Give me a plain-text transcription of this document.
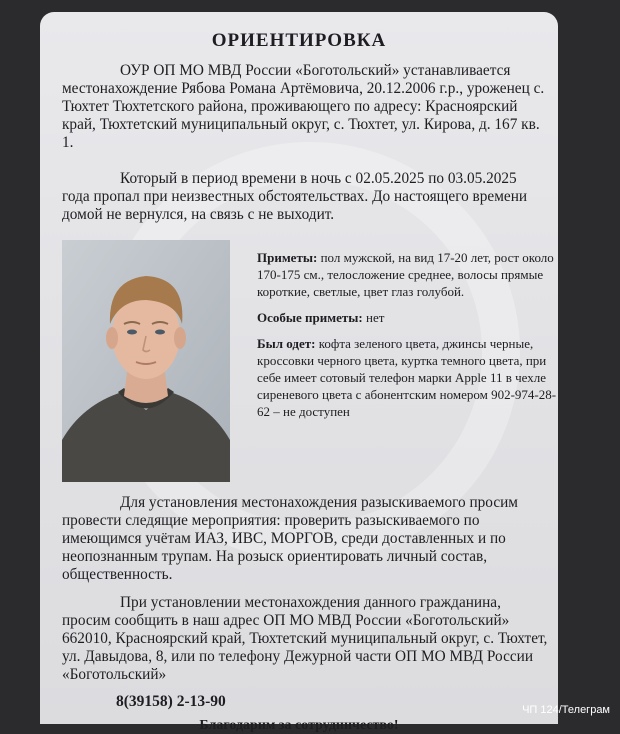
ОРИЕНТИРОВКА

ОУР ОП МО МВД России «Боготольский» устанавливается местонахождение Рябова Романа Артёмовича, 20.12.2006 г.р., уроженец с. Тюхтет Тюхтетского района, проживающего по адресу: Красноярский край, Тюхтетский муниципальный округ, с. Тюхтет, ул. Кирова, д. 167 кв. 1.

Который в период времени в ночь с 02.05.2025 по 03.05.2025 года пропал при неизвестных обстоятельствах. До настоящего времени домой не вернулся, на связь с не выходит.

Приметы: пол мужской, на вид 17-20 лет, рост около 170-175 см., телосложение среднее, волосы прямые короткие, светлые, цвет глаз голубой.

Особые приметы: нет

Был одет: кофта зеленого цвета, джинсы черные, кроссовки черного цвета, куртка темного цвета, при себе имеет сотовый телефон марки Apple 11 в чехле сиреневого цвета с абонентским номером 902-974-28-62 – не доступен

Для установления местонахождения разыскиваемого просим провести следящие мероприятия: проверить разыскиваемого по имеющимся учётам ИАЗ, ИВС, МОРГОВ, среди доставленных и по неопознанным трупам. На розыск ориентировать личный состав, общественность.

При установлении местонахождения данного гражданина, просим сообщить в наш адрес ОП МО МВД России «Боготольский» 662010, Красноярский край, Тюхтетский муниципальный округ, с. Тюхтет, ул. Давыдова, 8, или по телефону Дежурной части ОП МО МВД России «Боготольский»

8(39158) 2-13-90
Благодарим за сотрудничество!
ЧП 124/Телеграм
